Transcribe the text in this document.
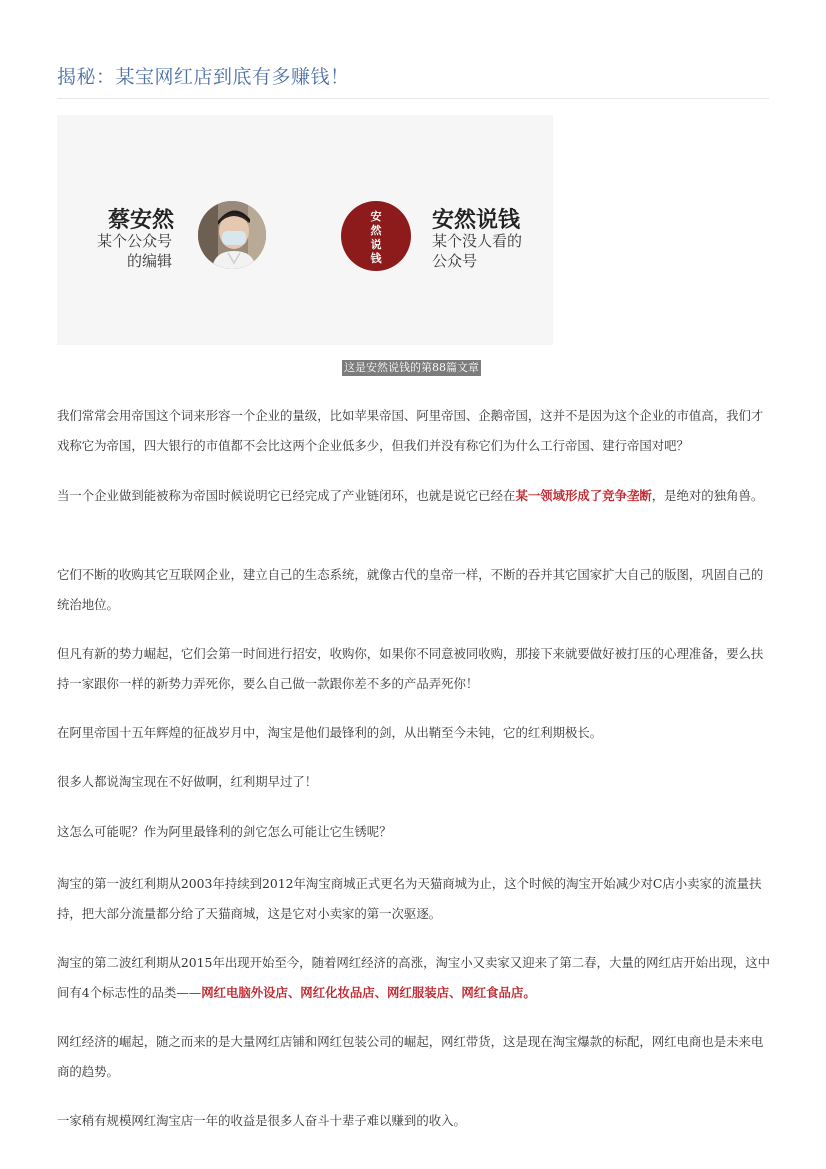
揭秘：某宝网红店到底有多赚钱！
蔡安然
某个公众号
的编辑
安
然
说
钱
安然说钱
某个没人看的
公众号
这是安然说钱的第88篇文章

我们常常会用帝国这个词来形容一个企业的量级，比如苹果帝国、阿里帝国、企鹅帝国，这并不是因为这个企业的市值高，我们才戏称它为帝国，四大银行的市值都不会比这两个企业低多少，但我们并没有称它们为什么工行帝国、建行帝国对吧？

当一个企业做到能被称为帝国时候说明它已经完成了产业链闭环，也就是说它已经在某一领域形成了竞争垄断，是绝对的独角兽。

它们不断的收购其它互联网企业，建立自己的生态系统，就像古代的皇帝一样，不断的吞并其它国家扩大自己的版图，巩固自己的统治地位。

但凡有新的势力崛起，它们会第一时间进行招安，收购你，如果你不同意被同收购，那接下来就要做好被打压的心理准备，要么扶持一家跟你一样的新势力弄死你，要么自己做一款跟你差不多的产品弄死你！

在阿里帝国十五年辉煌的征战岁月中，淘宝是他们最锋利的剑，从出鞘至今未钝，它的红利期极长。

很多人都说淘宝现在不好做啊，红利期早过了！

这怎么可能呢？作为阿里最锋利的剑它怎么可能让它生锈呢？

淘宝的第一波红利期从2003年持续到2012年淘宝商城正式更名为天猫商城为止，这个时候的淘宝开始减少对C店小卖家的流量扶持，把大部分流量都分给了天猫商城，这是它对小卖家的第一次驱逐。

淘宝的第二波红利期从2015年出现开始至今，随着网红经济的高涨，淘宝小又卖家又迎来了第二春，大量的网红店开始出现，这中间有4个标志性的品类——网红电脑外设店、网红化妆品店、网红服装店、网红食品店。

网红经济的崛起，随之而来的是大量网红店铺和网红包装公司的崛起，网红带货，这是现在淘宝爆款的标配，网红电商也是未来电商的趋势。

一家稍有规模网红淘宝店一年的收益是很多人奋斗十辈子难以赚到的收入。
